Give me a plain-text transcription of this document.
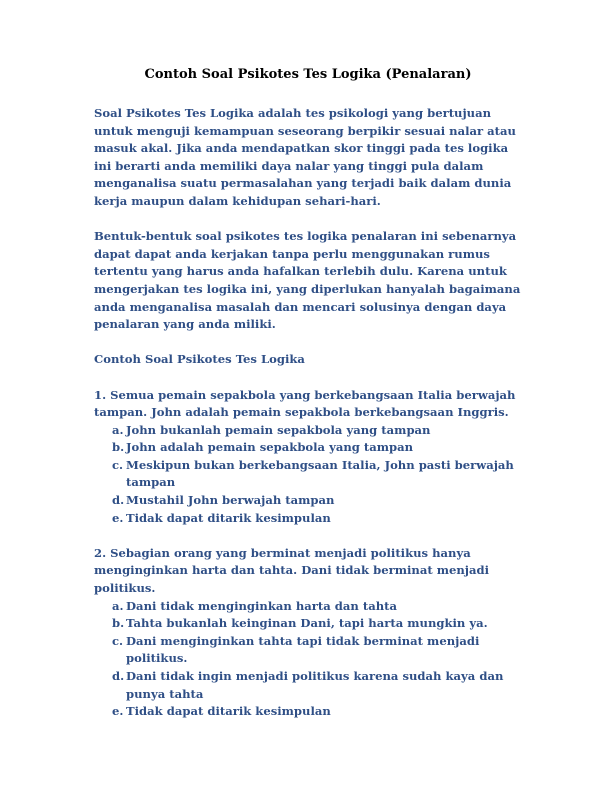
Contoh Soal Psikotes Tes Logika (Penalaran)

Soal Psikotes Tes Logika adalah tes psikologi yang bertujuan untuk menguji kemampuan seseorang berpikir sesuai nalar atau masuk akal. Jika anda mendapatkan skor tinggi pada tes logika ini berarti anda memiliki daya nalar yang tinggi pula dalam menganalisa suatu permasalahan yang terjadi baik dalam dunia kerja maupun dalam kehidupan sehari-hari.

Bentuk-bentuk soal psikotes tes logika penalaran ini sebenarnya dapat dapat anda kerjakan tanpa perlu menggunakan rumus tertentu yang harus anda hafalkan terlebih dulu. Karena untuk mengerjakan tes logika ini, yang diperlukan hanyalah bagaimana anda menganalisa masalah dan mencari solusinya dengan daya penalaran yang anda miliki.

Contoh Soal Psikotes Tes Logika

1. Semua pemain sepakbola yang berkebangsaan Italia berwajah tampan. John adalah pemain sepakbola berkebangsaan Inggris.

a. John bukanlah pemain sepakbola yang tampan
b. John adalah pemain sepakbola yang tampan
c. Meskipun bukan berkebangsaan Italia, John pasti berwajah tampan
d. Mustahil John berwajah tampan
e. Tidak dapat ditarik kesimpulan

2. Sebagian orang yang berminat menjadi politikus hanya menginginkan harta dan tahta. Dani tidak berminat menjadi politikus.

a. Dani tidak menginginkan harta dan tahta
b. Tahta bukanlah keinginan Dani, tapi harta mungkin ya.
c. Dani menginginkan tahta tapi tidak berminat menjadi politikus.
d. Dani tidak ingin menjadi politikus karena sudah kaya dan punya tahta
e. Tidak dapat ditarik kesimpulan
